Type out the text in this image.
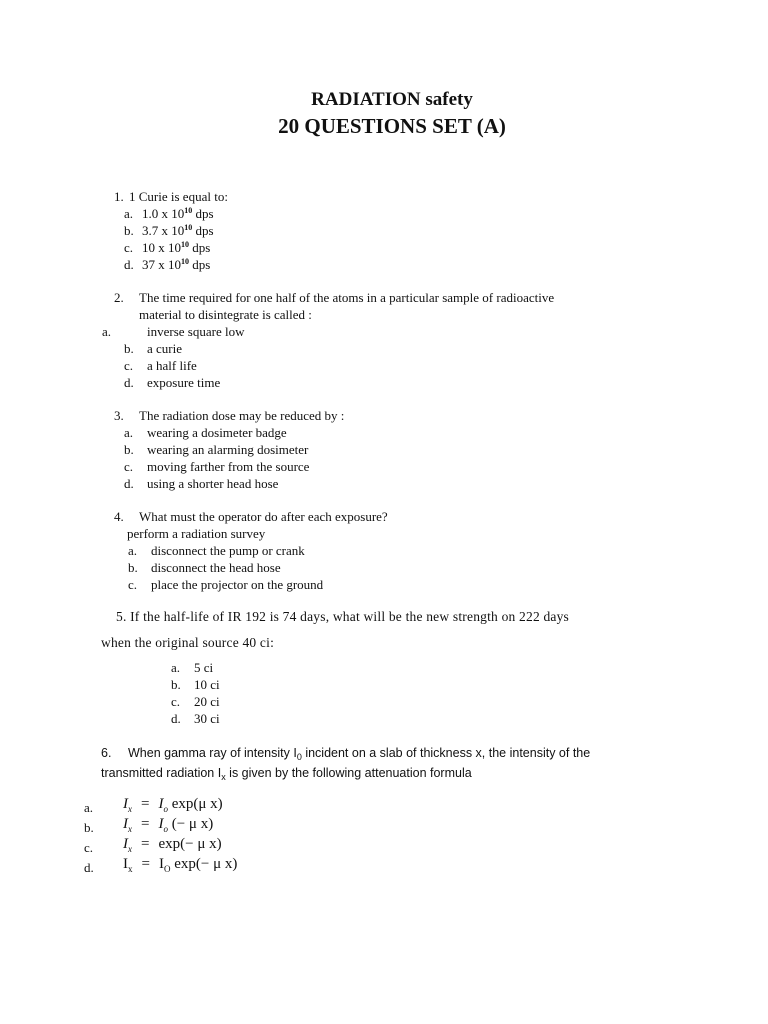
RADIATION safety
20 QUESTIONS SET (A)
1. 1 Curie is equal to:
a. 1.0 x $10^{10}$ dps
b. 3.7 x $10^{10}$ dps
c. 10 x $10^{10}$ dps
d. 37 x $10^{10}$ dps
2. The time required for one half of the atoms in a particular sample of radioactive
material to disintegrate is called :
a.	inverse square low
b. a curie
c. a half life
d. exposure time
3. The radiation dose may be reduced by :
a. wearing a dosimeter badge
b. wearing an alarming dosimeter
c. moving farther from the source
d. using a shorter head hose
4. What must the operator do after each exposure?
perform a radiation survey
a. disconnect the pump or crank
b. disconnect the head hose
c. place the projector on the ground
5. If the half-life of IR 192 is 74 days, what will be the new strength on 222 days
when the original source 40 ci:
a. 5 ci
b. 10 ci
c. 20 ci
d. 30 ci
6. When gamma ray of intensity $I_0$ incident on a slab of thickness x, the intensity of the
transmitted radiation $I_x$ is given by the following attenuation formula
a. $I_x = I_o$ exp(μ x)
b. $I_x = I_o$ (− μ x)
c. $I_x = \exp(- \mu$ x)
d. $I_x = I_O$ exp(− μ x)
